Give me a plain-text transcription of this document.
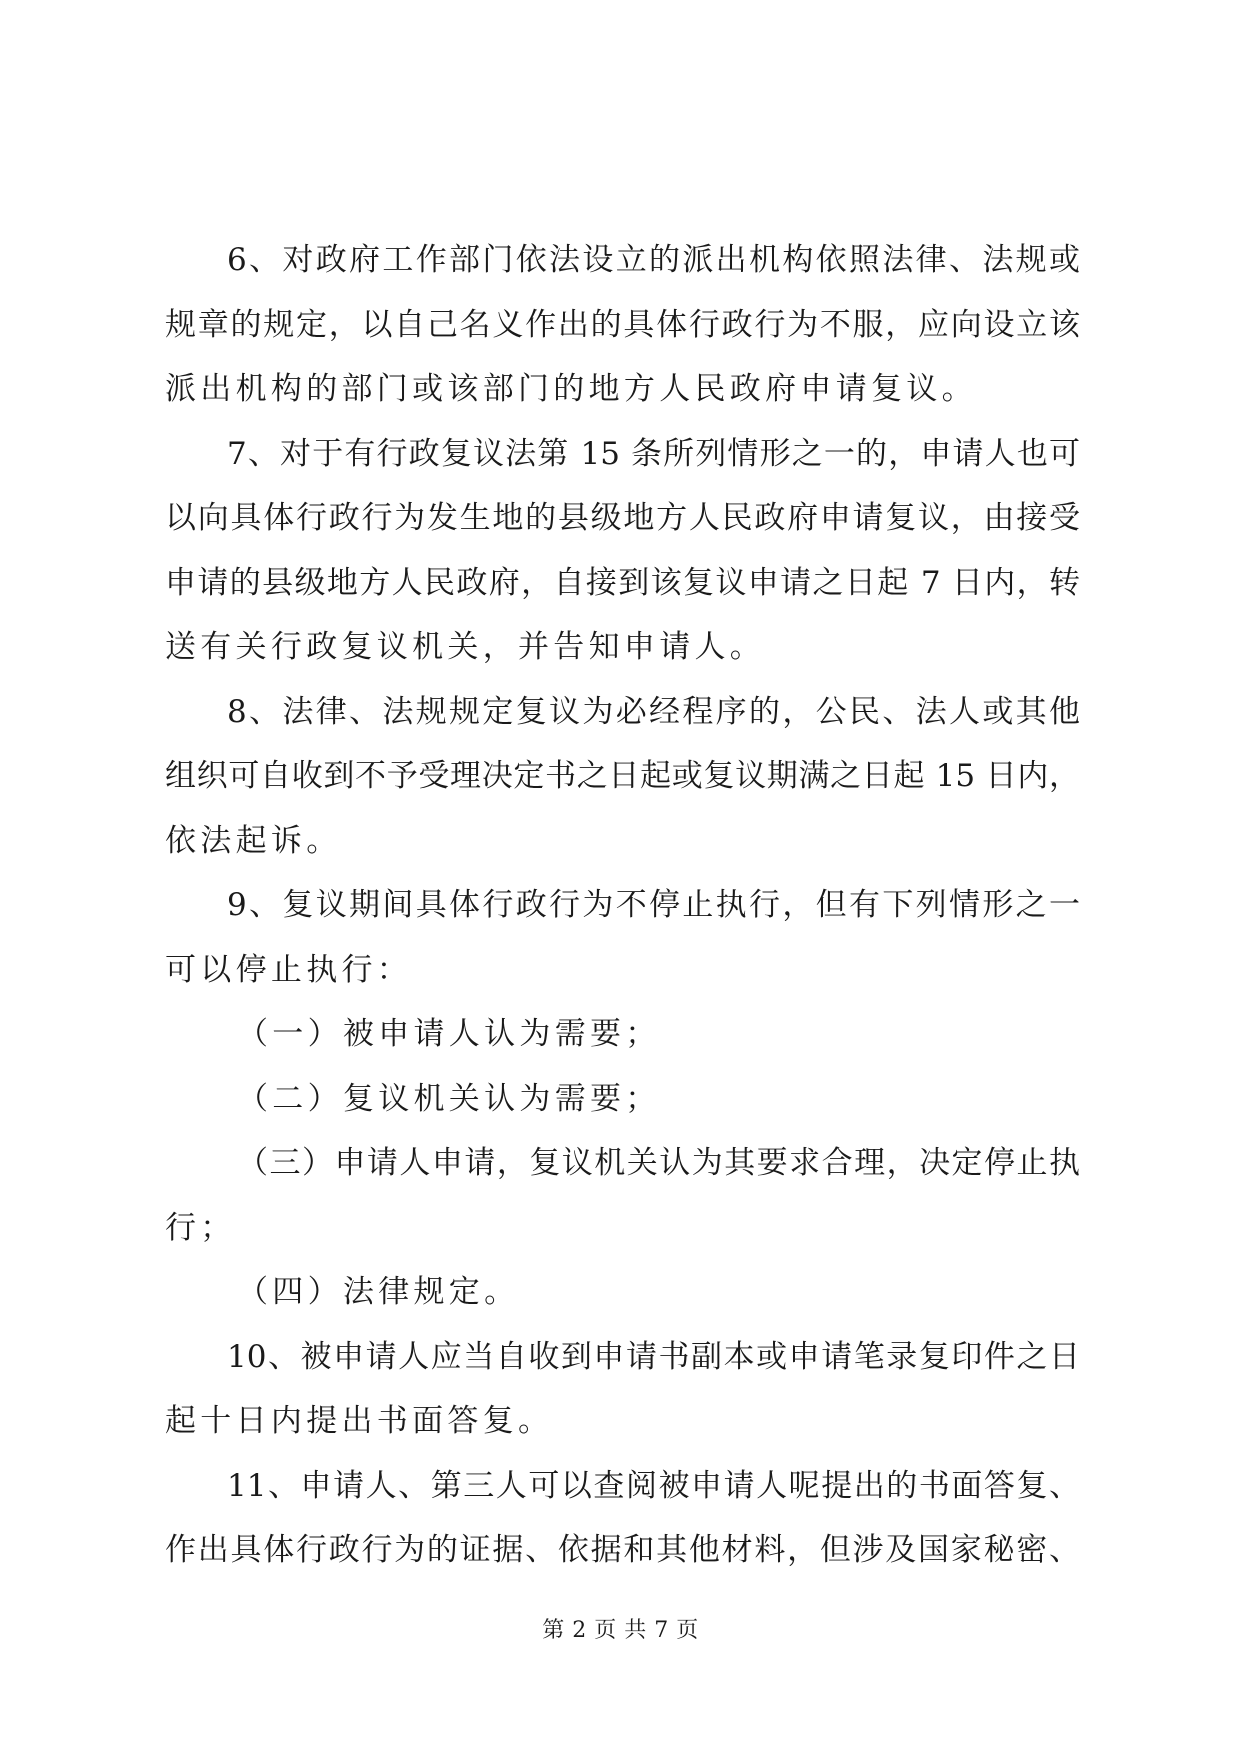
6、对政府工作部门依法设立的派出机构依照法律、法规或
规章的规定，以自己名义作出的具体行政行为不服，应向设立该
派出机构的部门或该部门的地方人民政府申请复议。
7、对于有行政复议法第 15 条所列情形之一的，申请人也可
以向具体行政行为发生地的县级地方人民政府申请复议，由接受
申请的县级地方人民政府，自接到该复议申请之日起 7 日内，转
送有关行政复议机关，并告知申请人。
8、法律、法规规定复议为必经程序的，公民、法人或其他
组织可自收到不予受理决定书之日起或复议期满之日起 15 日内，
依法起诉。
9、复议期间具体行政行为不停止执行，但有下列情形之一
可以停止执行：
（一）被申请人认为需要；
（二）复议机关认为需要；
（三）申请人申请，复议机关认为其要求合理，决定停止执
行；
（四）法律规定。
10、被申请人应当自收到申请书副本或申请笔录复印件之日
起十日内提出书面答复。
11、申请人、第三人可以查阅被申请人呢提出的书面答复、
作出具体行政行为的证据、依据和其他材料，但涉及国家秘密、
第 2 页 共 7 页
